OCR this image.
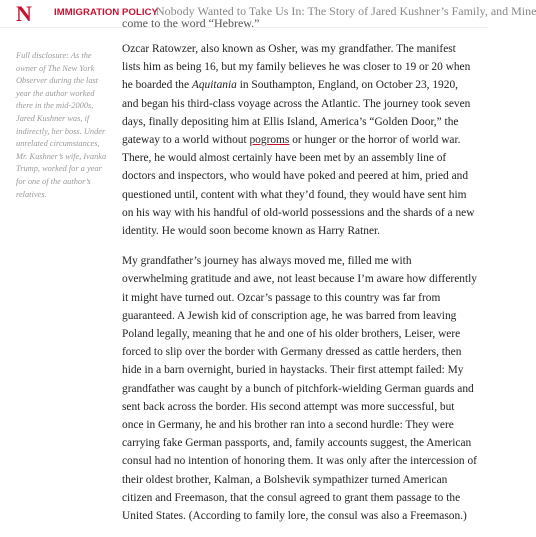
N IMMIGRATION POLICY
Nobody Wanted to Take Us In: The Story of Jared Kushner’s Family, and Mine
come to the word “Hebrew.”
Full disclosure: As the owner of The New York Observer during the last year the author worked there in the mid-2000s, Jared Kushner was, if indirectly, her boss. Under unrelated circumstances, Mr. Kushner’s wife, Ivanka Trump, worked for a year for one of the author’s relatives.

Ozcar Ratowzer, also known as Osher, was my grandfather. The manifest lists him as being 16, but my family believes he was closer to 19 or 20 when he boarded the Aquitania in Southampton, England, on October 23, 1920, and began his third-class voyage across the Atlantic. The journey took seven days, finally depositing him at Ellis Island, America’s “Golden Door,” the gateway to a world without pogroms or hunger or the horror of world war. There, he would almost certainly have been met by an assembly line of doctors and inspectors, who would have poked and peered at him, pried and questioned until, content with what they’d found, they would have sent him on his way with his handful of old-world possessions and the shards of a new identity. He would soon become known as Harry Ratner.

My grandfather’s journey has always moved me, filled me with overwhelming gratitude and awe, not least because I’m aware how differently it might have turned out. Ozcar’s passage to this country was far from guaranteed. A Jewish kid of conscription age, he was barred from leaving Poland legally, meaning that he and one of his older brothers, Leiser, were forced to slip over the border with Germany dressed as cattle herders, then hide in a barn overnight, buried in haystacks. Their first attempt failed: My grandfather was caught by a bunch of pitchfork-wielding German guards and sent back across the border. His second attempt was more successful, but once in Germany, he and his brother ran into a second hurdle: They were carrying fake German passports, and, family accounts suggest, the American consul had no intention of honoring them. It was only after the intercession of their oldest brother, Kalman, a Bolshevik sympathizer turned American citizen and Freemason, that the consul agreed to grant them passage to the United States. (According to family lore, the consul was also a Freemason.)
